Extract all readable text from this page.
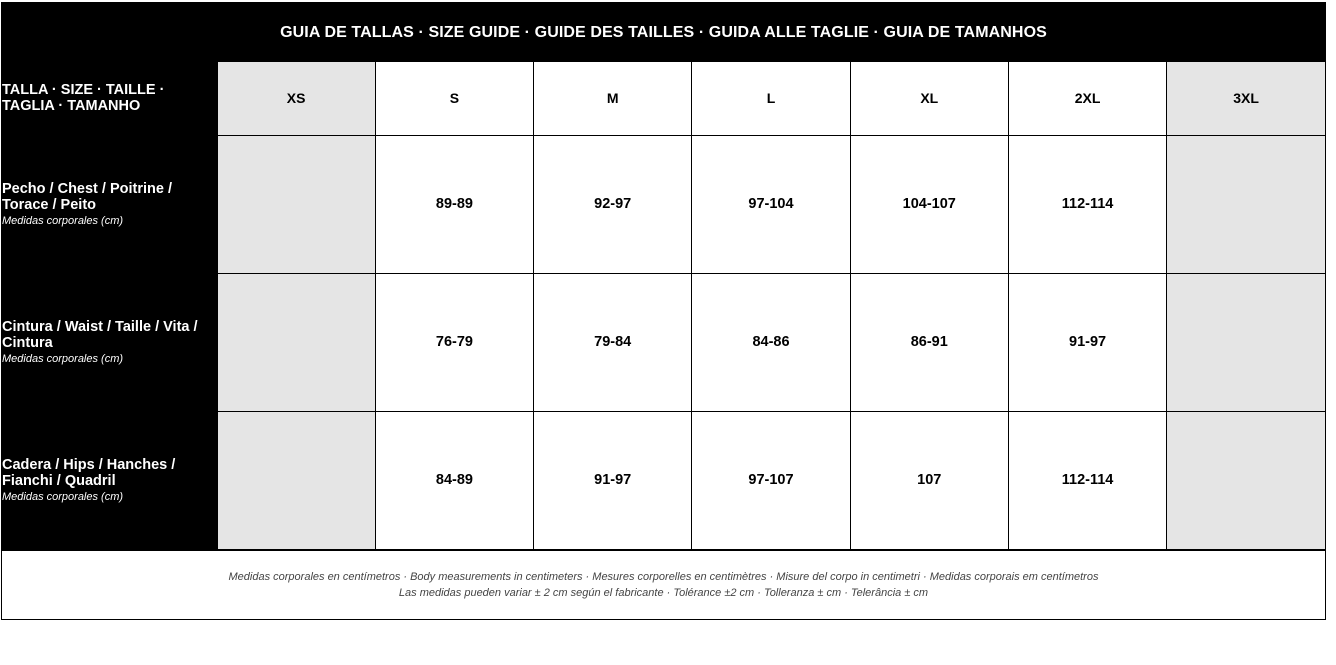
GUIA DE TALLAS · SIZE GUIDE · GUIDE DES TAILLES · GUIDA ALLE TAGLIE · GUIA DE TAMANHOS
TALLA · SIZE · TAILLE · TAGLIA · TAMANHO	XS	S	M	L	XL	2XL	3XL

Pecho / Chest / Poitrine / Torace / Peito
Medidas corporales (cm)		89-89	92-97	97-104	104-107	112-114	

Cintura / Waist / Taille / Vita / Cintura
Medidas corporales (cm)		76-79	79-84	84-86	86-91	91-97	

Cadera / Hips / Hanches / Fianchi / Quadril
Medidas corporales (cm)		84-89	91-97	97-107	107	112-114	
Medidas corporales en centímetros · Body measurements in centimeters · Mesures corporelles en centimètres · Misure del corpo in centimetri · Medidas corporais em centímetros
Las medidas pueden variar ± 2 cm según el fabricante · Tolérance ±2 cm · Tolleranza ± cm · Telerância ± cm
